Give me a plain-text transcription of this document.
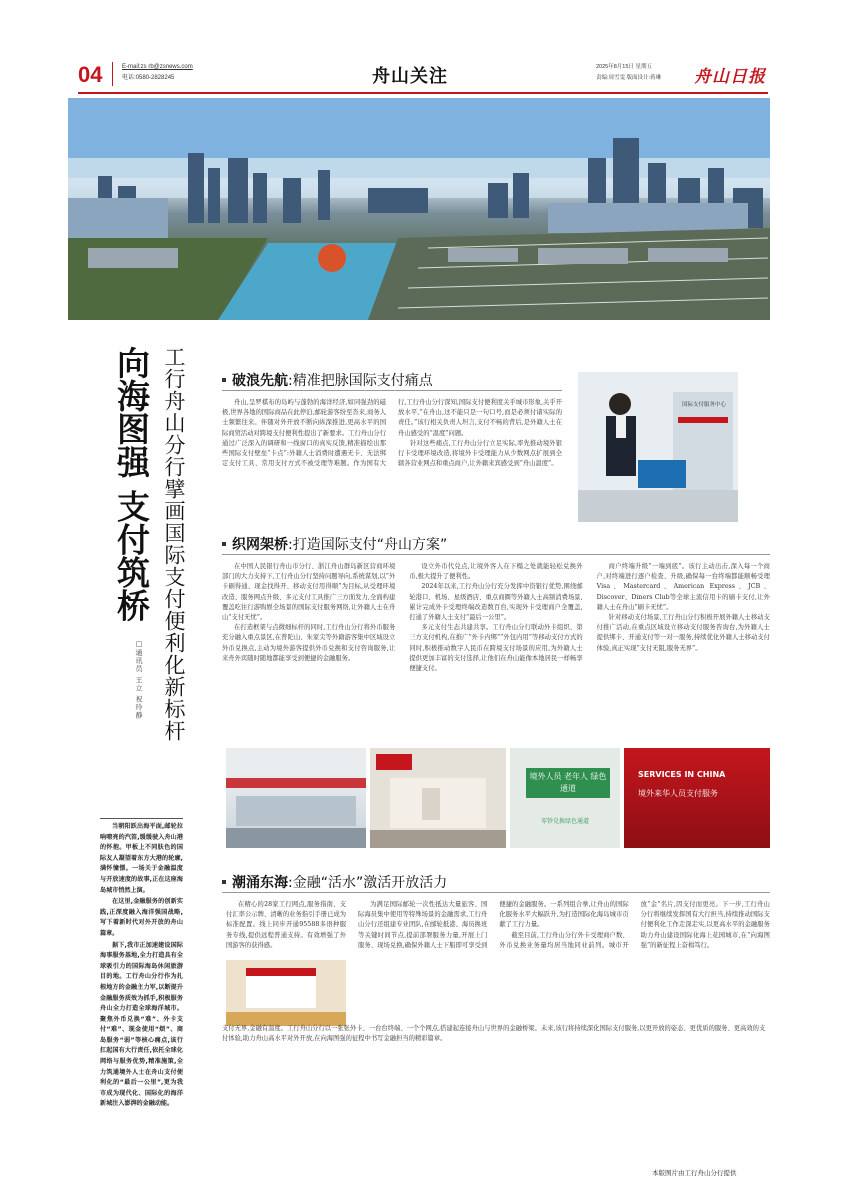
04	E-mail:zs rb@zsnews.com
电话:0580-2828245	舟山关注	2025年8月15日 星期五
责编:周雪雯 版面设计:蒋琳 舟山日报
向海图强 支付筑桥 工行舟山分行擘画国际支付便利化新标杆
□通讯员 王立 祝玲静
破浪先航:精准把脉国际支付痛点

舟山,呈罗棋布的岛屿与蓬勃的海洋经济,如同强劲的磁极,世界各地的国际商品在此停泊,邮轮游客纷至沓来,商务人士频繁往来。伴随对外开放不断向纵深推进,更高水平的国际商贸活动对跨境支付便利性提出了新要求。工行舟山分行通过广泛深入的调研和一线窗口的真实反馈,精准描绘出那些国际支付壁垒“卡点”:外籍人士消费时遭遇无卡、无法绑定支付工具、常用支付方式不被受理等难题。作为国有大行,工行舟山分行深知,国际支付便利度关乎城市形象,关乎开放水平,“在舟山,这不能只是一句口号,而是必须付诸实际的责任。”该行相关负责人坦言,支付不畅的背后,是外籍人士在舟山感受的“温度”问题。

针对这些痛点,工行舟山分行立足实际,率先推动境外银行卡受理环境改造,将境外卡受理能力从少数网点扩展到全辖各营业网点和重点商户,让外籍来宾感受到“舟山温度”。

国际支付服务中心
织网架桥:打造国际支付“舟山方案”

在中国人民银行舟山市分行、浙江舟山群岛新区营商环境部门的大力支持下,工行舟山分行坚持问题导向,系统谋划,以“外卡刷得通、现金找得开、移动支付用得顺”为目标,从受理环境改造、服务网点升级、多元支付工具推广三方面发力,全面构建覆盖吃住行游购娱全场景的国际支付服务网络,让外籍人士在舟山“支付无忧”。

在打造框架与点微细标杆的同时,工行舟山分行将外币服务充分融入重点景区,在普陀山、朱家尖等外籍游客集中区域设立外币兑换点,主动为境外游客提供外币兑换和支付咨询服务,让来舟外宾随时随地都能享受到便捷的金融服务。

设立外币代兑点,让境外客人在下榻之处就能轻松兑换外币,极大提升了便利性。

2024年以来,工行舟山分行充分发挥中资银行优势,围绕邮轮港口、机场、星级酒店、重点商圈等外籍人士高频消费场景,累计完成外卡受理终端改造数百台,实现外卡受理商户全覆盖,打通了外籍人士支付“最后一公里”。

多元支付生态共建共享。工行舟山分行联动外卡组织、第三方支付机构,在推广“外卡内绑”“外包内用”等移动支付方式的同时,积极推动数字人民币在跨境支付场景的应用,为外籍人士提供更加丰富的支付选择,让他们在舟山能像本地居民一样畅享便捷支付。

商户终端升级“一端到底”。该行主动出击,深入每一个商户,对终端进行逐户检查、升级,确保每一台终端都能顺畅受理Visa、Mastercard、American Express、JCB、Discover、Diners Club等全球主流信用卡的刷卡支付,让外籍人士在舟山“刷卡无忧”。

针对移动支付场景,工行舟山分行积极开展外籍人士移动支付推广活动,在重点区域设立移动支付服务咨询台,为外籍人士提供绑卡、开通支付等一对一服务,持续优化外籍人士移动支付体验,真正实现“支付无阻,服务无界”。

境外人员 老年人 绿色通道
零钞兑换绿色通道
SERVICES IN CHINA
境外来华人员支付服务
潮涌东海:金融“活水”激活开放活力

在精心的28家工行网点,服务指南、支付汇率公示牌、清晰的业务指引手册已成为标准配置。线上同步开通95588多语种服务专线,提供远程普通支持。有效增强了外国游客的获得感。

为满足国际邮轮一次性抵达大量旅客、国际海员集中使用等特殊场景的金融需求,工行舟山分行还组建专业团队,在邮轮抵港、海员换班等关键时间节点,提前部署服务力量,开展上门服务、现场兑换,确保外籍人士下船即可享受到便捷的金融服务。一系列组合拳,让舟山的国际化服务水平大幅跃升,为打造国际化海岛城市贡献了工行力量。

截至目前,工行舟山分行外卡受理商户数、外币兑换业务量均居当地同业前列。城市开放“金”名片,因支付而更亮。下一步,工行舟山分行将继续发挥国有大行担当,持续推动国际支付便利化工作走深走实,以更高水平的金融服务助力舟山建设国际化海上花园城市,在“向海图强”的新征程上奋楫笃行。

支付无界,金融有温度。工行舟山分行以一张张外卡、一台台终端、一个个网点,搭建起连接舟山与世界的金融桥梁。未来,该行将持续深化国际支付服务,以更开放的姿态、更优质的服务、更高效的支付体验,助力舟山高水平对外开放,在向海图强的征程中书写金融担当的精彩篇章。

当朝阳跃出海平面,邮轮拉响嘹亮的汽笛,缓缓驶入舟山港的怀抱。甲板上不同肤色的国际友人凝望着东方大港的轮廓,满怀憧憬。一场关于金融温度与开放速度的故事,正在这座海岛城市悄然上演。

在这里,金融服务的创新实践,正深度融入海洋强国战略,写下着新时代对外开放的舟山篇章。

据下,我市正加速建设国际海事服务基地,全力打造具有全球吸引力的国际海岛休闲旅游目的地。工行舟山分行作为扎根地方的金融主力军,以断提升金融服务质效为抓手,积极服务舟山全力打造全球海洋城市。聚焦外币兑换“难”、外卡支付“难”、现金使用“烦”、商岛服务“弱”等核心痛点,该行扛起国有大行责任,依托全球化网络与服务优势,精准施策,全力筑通境外人士在舟山支付便利化的“最后一公里”,更为我市成为现代化、国际化的海洋新城注入澎湃的金融动能。

本版图片由工行舟山分行提供
